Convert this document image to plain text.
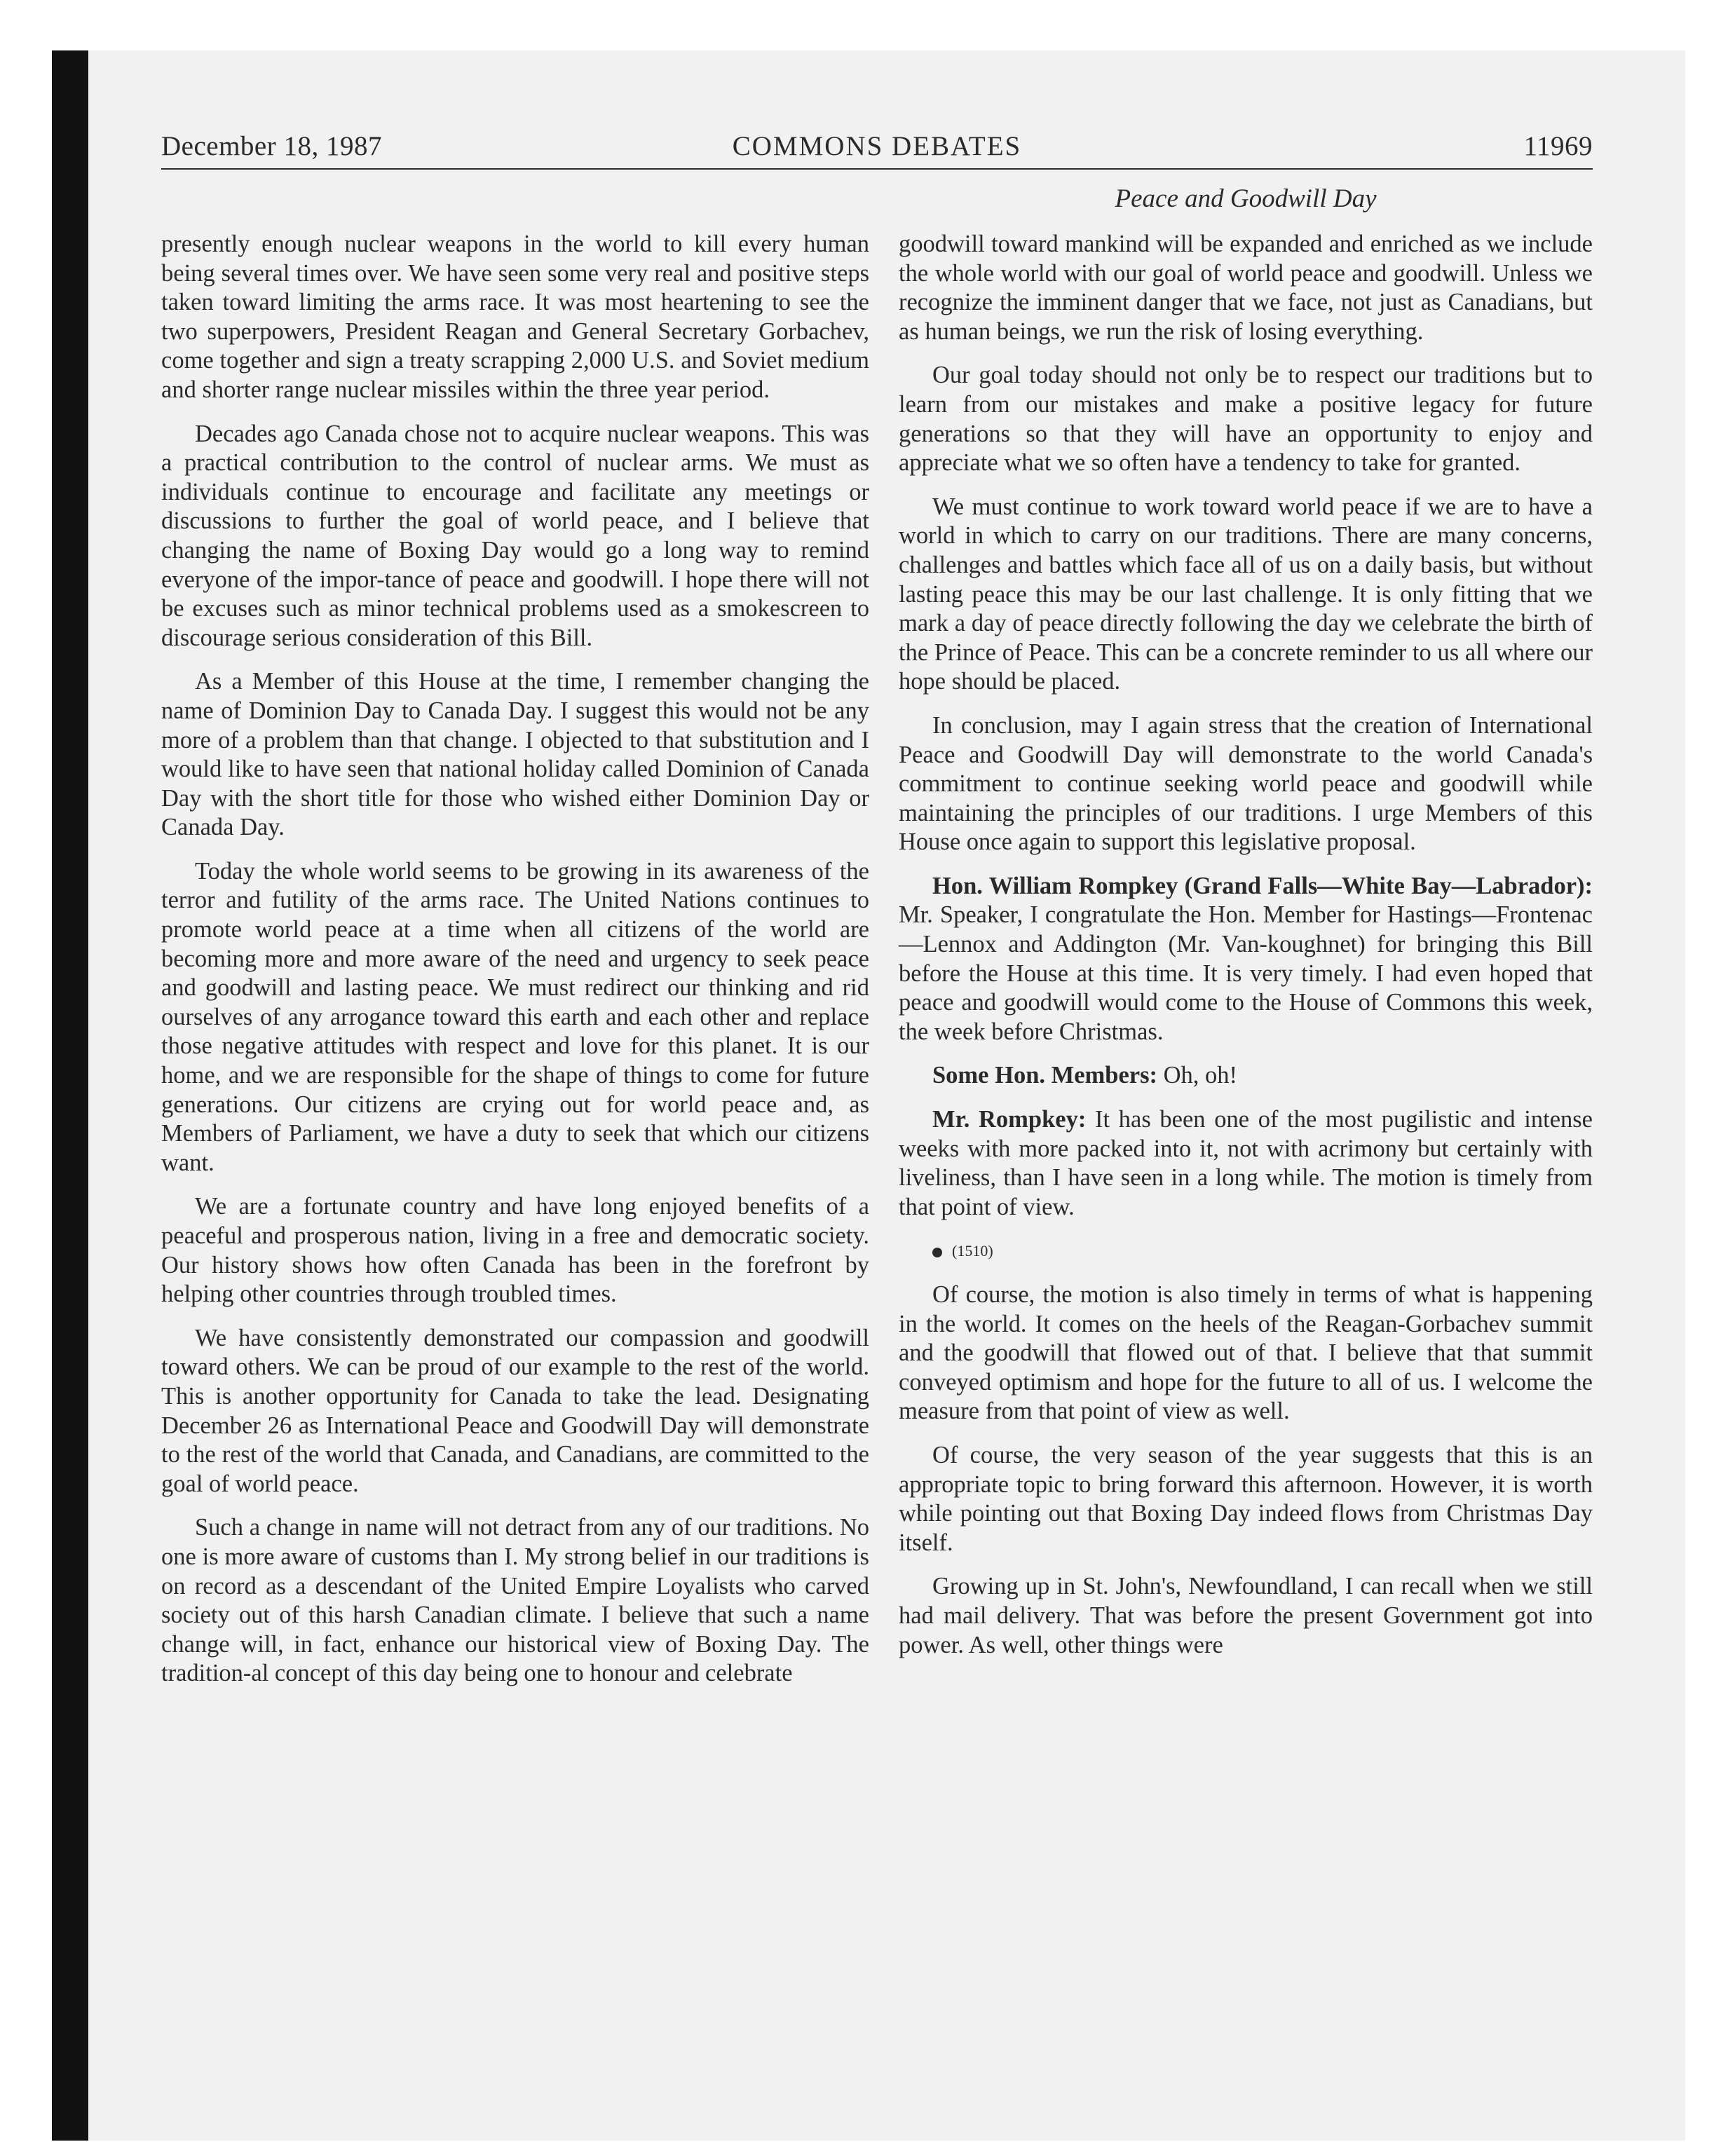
December 18, 1987	COMMONS DEBATES	11969
Peace and Goodwill Day

presently enough nuclear weapons in the world to kill every human being several times over. We have seen some very real and positive steps taken toward limiting the arms race. It was most heartening to see the two superpowers, President Reagan and General Secretary Gorbachev, come together and sign a treaty scrapping 2,000 U.S. and Soviet medium and shorter range nuclear missiles within the three year period.

Decades ago Canada chose not to acquire nuclear weapons. This was a practical contribution to the control of nuclear arms. We must as individuals continue to encourage and facilitate any meetings or discussions to further the goal of world peace, and I believe that changing the name of Boxing Day would go a long way to remind everyone of the impor-tance of peace and goodwill. I hope there will not be excuses such as minor technical problems used as a smokescreen to discourage serious consideration of this Bill.

As a Member of this House at the time, I remember changing the name of Dominion Day to Canada Day. I suggest this would not be any more of a problem than that change. I objected to that substitution and I would like to have seen that national holiday called Dominion of Canada Day with the short title for those who wished either Dominion Day or Canada Day.

Today the whole world seems to be growing in its awareness of the terror and futility of the arms race. The United Nations continues to promote world peace at a time when all citizens of the world are becoming more and more aware of the need and urgency to seek peace and goodwill and lasting peace. We must redirect our thinking and rid ourselves of any arrogance toward this earth and each other and replace those negative attitudes with respect and love for this planet. It is our home, and we are responsible for the shape of things to come for future generations. Our citizens are crying out for world peace and, as Members of Parliament, we have a duty to seek that which our citizens want.

We are a fortunate country and have long enjoyed benefits of a peaceful and prosperous nation, living in a free and democratic society. Our history shows how often Canada has been in the forefront by helping other countries through troubled times.

We have consistently demonstrated our compassion and goodwill toward others. We can be proud of our example to the rest of the world. This is another opportunity for Canada to take the lead. Designating December 26 as International Peace and Goodwill Day will demonstrate to the rest of the world that Canada, and Canadians, are committed to the goal of world peace.

Such a change in name will not detract from any of our traditions. No one is more aware of customs than I. My strong belief in our traditions is on record as a descendant of the United Empire Loyalists who carved society out of this harsh Canadian climate. I believe that such a name change will, in fact, enhance our historical view of Boxing Day. The tradition-al concept of this day being one to honour and celebrate

goodwill toward mankind will be expanded and enriched as we include the whole world with our goal of world peace and goodwill. Unless we recognize the imminent danger that we face, not just as Canadians, but as human beings, we run the risk of losing everything.

Our goal today should not only be to respect our traditions but to learn from our mistakes and make a positive legacy for future generations so that they will have an opportunity to enjoy and appreciate what we so often have a tendency to take for granted.

We must continue to work toward world peace if we are to have a world in which to carry on our traditions. There are many concerns, challenges and battles which face all of us on a daily basis, but without lasting peace this may be our last challenge. It is only fitting that we mark a day of peace directly following the day we celebrate the birth of the Prince of Peace. This can be a concrete reminder to us all where our hope should be placed.

In conclusion, may I again stress that the creation of International Peace and Goodwill Day will demonstrate to the world Canada's commitment to continue seeking world peace and goodwill while maintaining the principles of our traditions. I urge Members of this House once again to support this legislative proposal.

Hon. William Rompkey (Grand Falls—White Bay—Labrador): Mr. Speaker, I congratulate the Hon. Member for Hastings—Frontenac—Lennox and Addington (Mr. Van-koughnet) for bringing this Bill before the House at this time. It is very timely. I had even hoped that peace and goodwill would come to the House of Commons this week, the week before Christmas.

Some Hon. Members: Oh, oh!

Mr. Rompkey: It has been one of the most pugilistic and intense weeks with more packed into it, not with acrimony but certainly with liveliness, than I have seen in a long while. The motion is timely from that point of view.

(1510)

Of course, the motion is also timely in terms of what is happening in the world. It comes on the heels of the Reagan-Gorbachev summit and the goodwill that flowed out of that. I believe that that summit conveyed optimism and hope for the future to all of us. I welcome the measure from that point of view as well.

Of course, the very season of the year suggests that this is an appropriate topic to bring forward this afternoon. However, it is worth while pointing out that Boxing Day indeed flows from Christmas Day itself.

Growing up in St. John's, Newfoundland, I can recall when we still had mail delivery. That was before the present Government got into power. As well, other things were
